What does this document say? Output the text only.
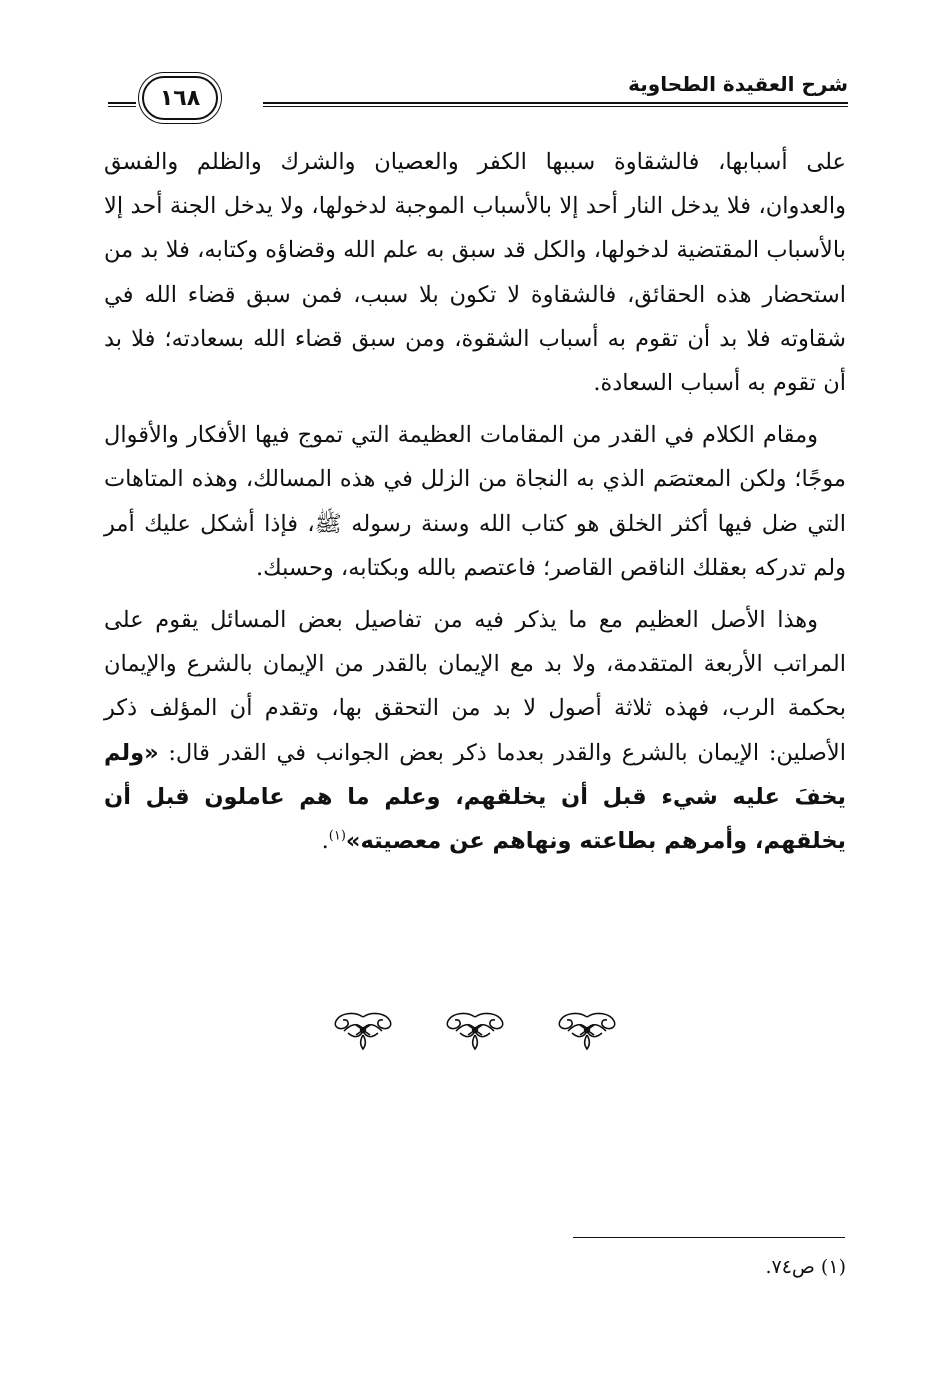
شرح العقيدة الطحاوية
١٦٨

على أسبابها، فالشقاوة سببها الكفر والعصيان والشرك والظلم والفسق والعدوان، فلا يدخل النار أحد إلا بالأسباب الموجبة لدخولها، ولا يدخل الجنة أحد إلا بالأسباب المقتضية لدخولها، والكل قد سبق به علم الله وقضاؤه وكتابه، فلا بد من استحضار هذه الحقائق، فالشقاوة لا تكون بلا سبب، فمن سبق قضاء الله في شقاوته فلا بد أن تقوم به أسباب الشقوة، ومن سبق قضاء الله بسعادته؛ فلا بد أن تقوم به أسباب السعادة.

ومقام الكلام في القدر من المقامات العظيمة التي تموج فيها الأفكار والأقوال موجًا؛ ولكن المعتصَم الذي به النجاة من الزلل في هذه المسالك، وهذه المتاهات التي ضل فيها أكثر الخلق هو كتاب الله وسنة رسوله ﷺ، فإذا أشكل عليك أمر ولم تدركه بعقلك الناقص القاصر؛ فاعتصم بالله وبكتابه، وحسبك.

وهذا الأصل العظيم مع ما يذكر فيه من تفاصيل بعض المسائل يقوم على المراتب الأربعة المتقدمة، ولا بد مع الإيمان بالقدر من الإيمان بالشرع والإيمان بحكمة الرب، فهذه ثلاثة أصول لا بد من التحقق بها، وتقدم أن المؤلف ذكر الأصلين: الإيمان بالشرع والقدر بعدما ذكر بعض الجوانب في القدر قال: «ولم يخفَ عليه شيء قبل أن يخلقهم، وعلم ما هم عاملون قبل أن يخلقهم، وأمرهم بطاعته ونهاهم عن معصيته»$^{(١)}$.

(١) ص٧٤.
